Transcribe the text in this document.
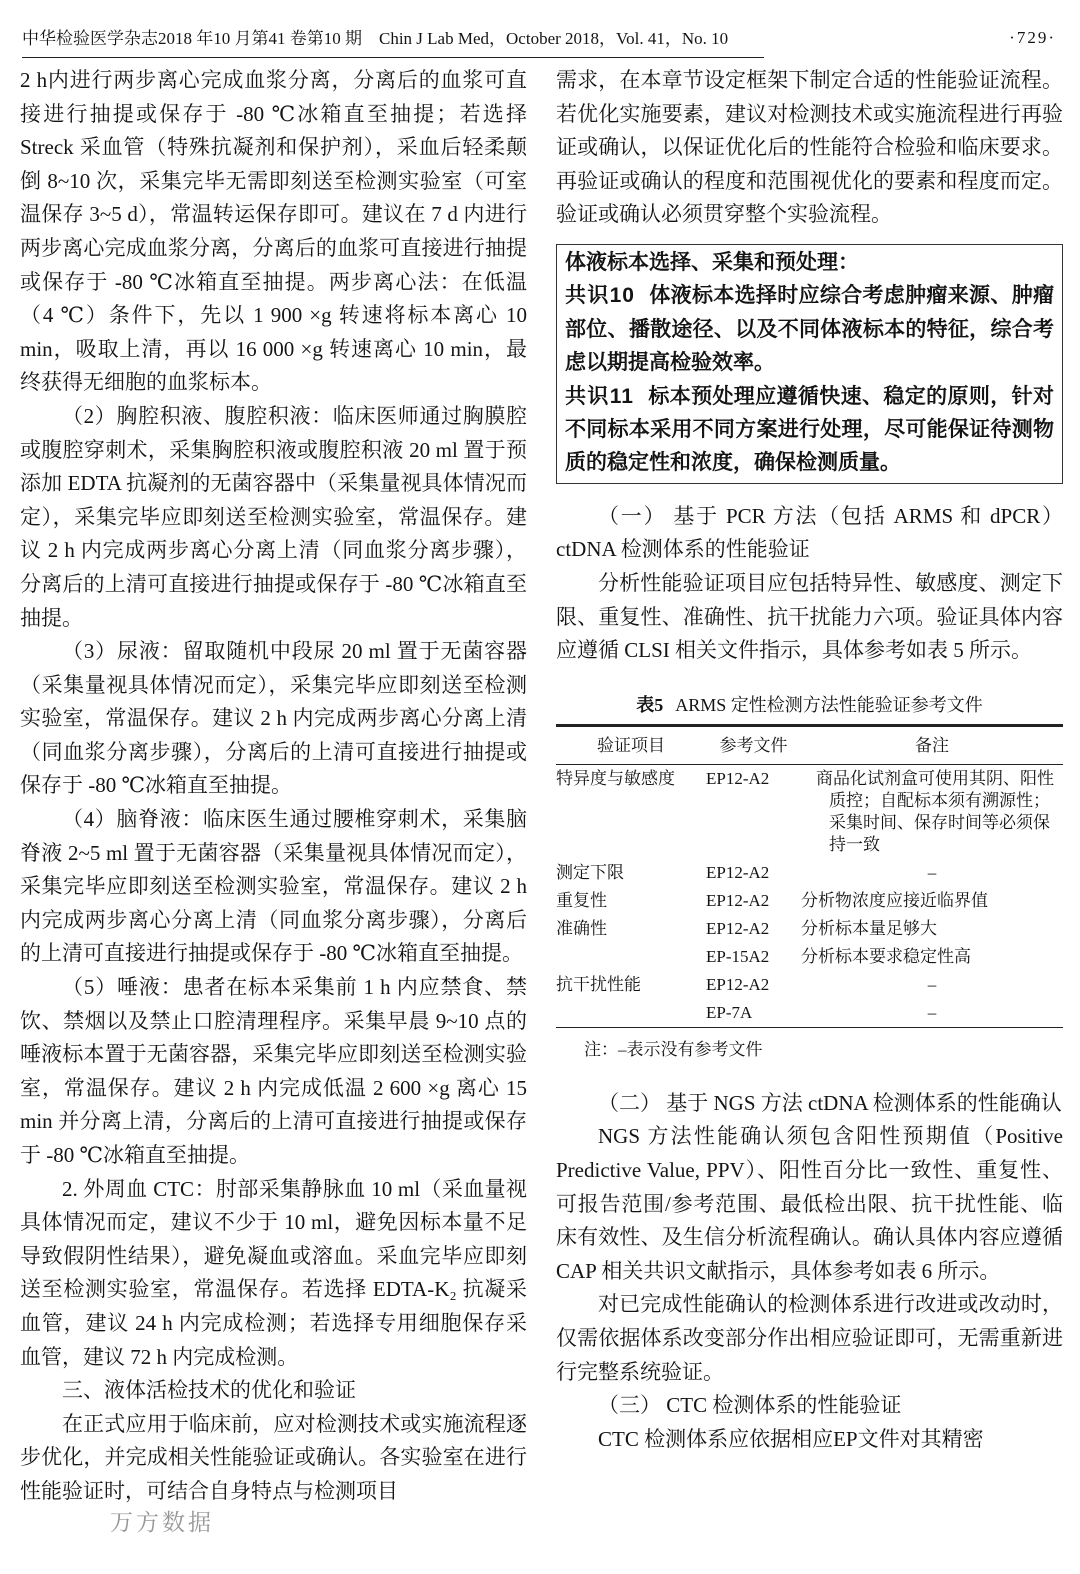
中华检验医学杂志2018 年10 月第41 卷第10 期　Chin J Lab Med，October 2018，Vol. 41，No. 10	·729·

2 h内进行两步离心完成血浆分离，分离后的血浆可直接进行抽提或保存于 -80 ℃冰箱直至抽提；若选择 Streck 采血管（特殊抗凝剂和保护剂），采血后轻柔颠倒 8~10 次，采集完毕无需即刻送至检测实验室（可室温保存 3~5 d），常温转运保存即可。建议在 7 d 内进行两步离心完成血浆分离，分离后的血浆可直接进行抽提或保存于 -80 ℃冰箱直至抽提。两步离心法：在低温（4 ℃）条件下，先以 1 900 ×g 转速将标本离心 10 min，吸取上清，再以 16 000 ×g 转速离心 10 min，最终获得无细胞的血浆标本。

（2）胸腔积液、腹腔积液：临床医师通过胸膜腔或腹腔穿刺术，采集胸腔积液或腹腔积液 20 ml 置于预添加 EDTA 抗凝剂的无菌容器中（采集量视具体情况而定），采集完毕应即刻送至检测实验室，常温保存。建议 2 h 内完成两步离心分离上清（同血浆分离步骤），分离后的上清可直接进行抽提或保存于 -80 ℃冰箱直至抽提。

（3）尿液：留取随机中段尿 20 ml 置于无菌容器（采集量视具体情况而定），采集完毕应即刻送至检测实验室，常温保存。建议 2 h 内完成两步离心分离上清（同血浆分离步骤），分离后的上清可直接进行抽提或保存于 -80 ℃冰箱直至抽提。

（4）脑脊液：临床医生通过腰椎穿刺术，采集脑脊液 2~5 ml 置于无菌容器（采集量视具体情况而定），采集完毕应即刻送至检测实验室，常温保存。建议 2 h 内完成两步离心分离上清（同血浆分离步骤），分离后的上清可直接进行抽提或保存于 -80 ℃冰箱直至抽提。

（5）唾液：患者在标本采集前 1 h 内应禁食、禁饮、禁烟以及禁止口腔清理程序。采集早晨 9~10 点的唾液标本置于无菌容器，采集完毕应即刻送至检测实验室，常温保存。建议 2 h 内完成低温 2 600 ×g 离心 15 min 并分离上清，分离后的上清可直接进行抽提或保存于 -80 ℃冰箱直至抽提。

2. 外周血 CTC：肘部采集静脉血 10 ml（采血量视具体情况而定，建议不少于 10 ml，避免因标本量不足导致假阴性结果），避免凝血或溶血。采血完毕应即刻送至检测实验室，常温保存。若选择 EDTA-K₂ 抗凝采血管，建议 24 h 内完成检测；若选择专用细胞保存采血管，建议 72 h 内完成检测。

三、液体活检技术的优化和验证

在正式应用于临床前，应对检测技术或实施流程逐步优化，并完成相关性能验证或确认。各实验室在进行性能验证时，可结合自身特点与检测项目

需求，在本章节设定框架下制定合适的性能验证流程。若优化实施要素，建议对检测技术或实施流程进行再验证或确认，以保证优化后的性能符合检验和临床要求。再验证或确认的程度和范围视优化的要素和程度而定。验证或确认必须贯穿整个实验流程。

体液标本选择、采集和预处理：
共识10 体液标本选择时应综合考虑肿瘤来源、肿瘤部位、播散途径、以及不同体液标本的特征，综合考虑以期提高检验效率。
共识11 标本预处理应遵循快速、稳定的原则，针对不同标本采用不同方案进行处理，尽可能保证待测物质的稳定性和浓度，确保检测质量。

（一） 基于 PCR 方法（包括 ARMS 和 dPCR）ctDNA 检测体系的性能验证

分析性能验证项目应包括特异性、敏感度、测定下限、重复性、准确性、抗干扰能力六项。验证具体内容应遵循 CLSI 相关文件指示，具体参考如表 5 所示。

表5 ARMS 定性检测方法性能验证参考文件
验证项目	参考文件	备注
特异度与敏感度	EP12-A2	商品化试剂盒可使用其阴、阳性质控；自配标本须有溯源性；采集时间、保存时间等必须保持一致
测定下限	EP12-A2	–
重复性	EP12-A2	分析物浓度应接近临界值
准确性	EP12-A2	分析标本量足够大
	EP-15A2	分析标本要求稳定性高
抗干扰性能	EP12-A2	–
	EP-7A	–
注：–表示没有参考文件

（二） 基于 NGS 方法 ctDNA 检测体系的性能确认

NGS 方法性能确认须包含阳性预期值（Positive Predictive Value, PPV）、阳性百分比一致性、重复性、可报告范围/参考范围、最低检出限、抗干扰性能、临床有效性、及生信分析流程确认。确认具体内容应遵循 CAP 相关共识文献指示，具体参考如表 6 所示。

对已完成性能确认的检测体系进行改进或改动时，仅需依据体系改变部分作出相应验证即可，无需重新进行完整系统验证。

（三） CTC 检测体系的性能验证

CTC 检测体系应依据相应EP文件对其精密

万方数据
